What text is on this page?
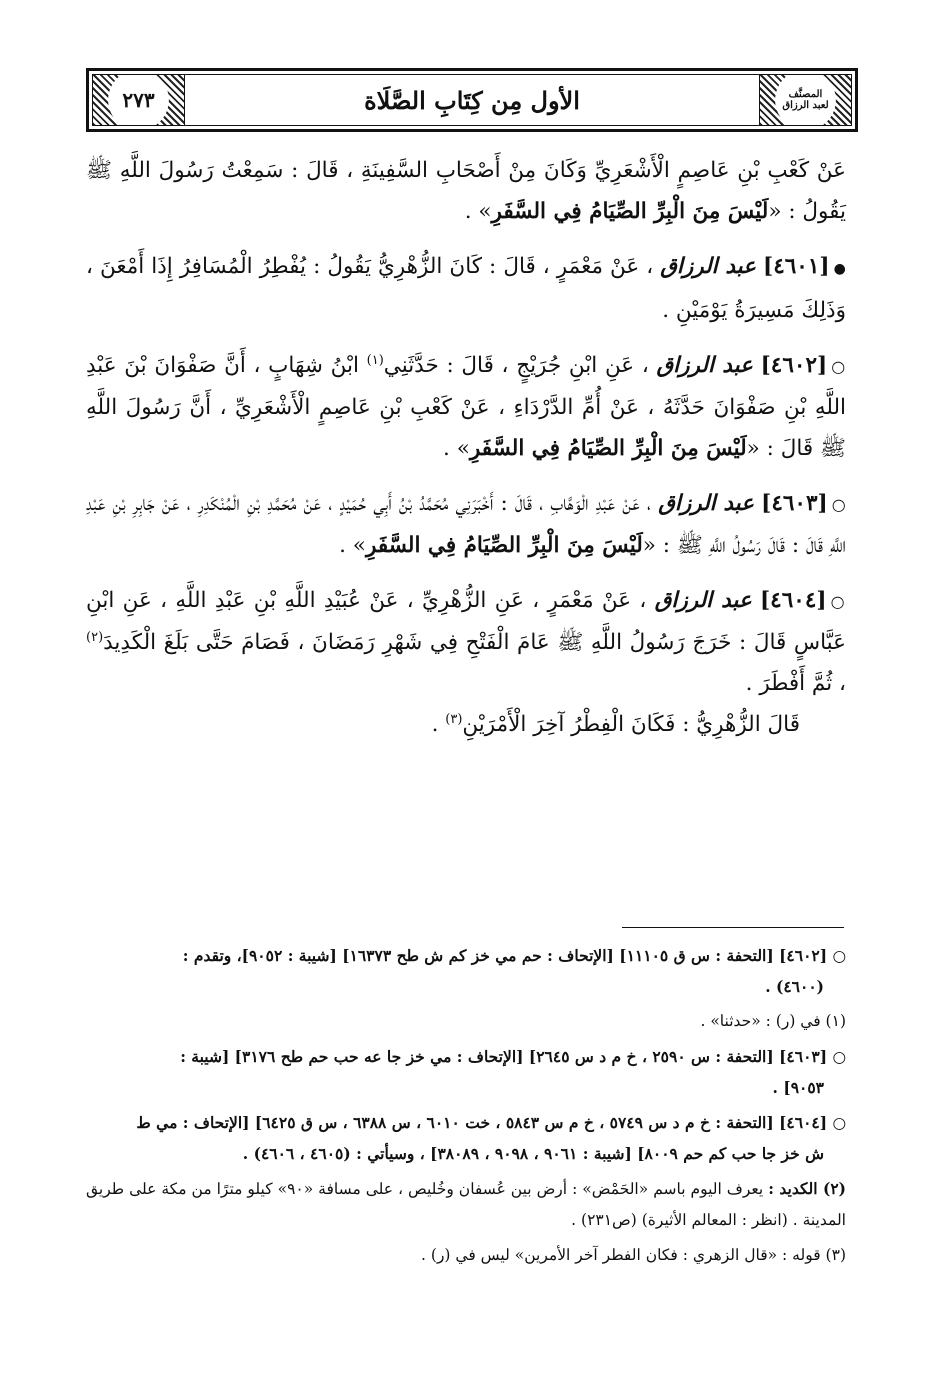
المصنَّف
لعبد الرزاق
الأول مِن كِتَابِ الصَّلَاة
٢٧٣

عَنْ كَعْبِ بْنِ عَاصِمٍ الْأَشْعَرِيِّ وَكَانَ مِنْ أَصْحَابِ السَّفِينَةِ ، قَالَ : سَمِعْتُ رَسُولَ اللَّهِ ﷺ يَقُولُ : «لَيْسَ مِنَ الْبِرِّ الصِّيَامُ فِي السَّفَرِ» .

●[٤٦٠١] عبد الرزاق ، عَنْ مَعْمَرٍ ، قَالَ : كَانَ الزُّهْرِيُّ يَقُولُ : يُفْطِرُ الْمُسَافِرُ إِذَا أَمْعَنَ ، وَذَلِكَ مَسِيرَةُ يَوْمَيْنِ .

○[٤٦٠٢] عبد الرزاق ، عَنِ ابْنِ جُرَيْجٍ ، قَالَ : حَدَّثَنِي$^{(١)}$ ابْنُ شِهَابٍ ، أَنَّ صَفْوَانَ بْنَ عَبْدِ اللَّهِ بْنِ صَفْوَانَ حَدَّثَهُ ، عَنْ أُمِّ الدَّرْدَاءِ ، عَنْ كَعْبِ بْنِ عَاصِمٍ الْأَشْعَرِيِّ ، أَنَّ رَسُولَ اللَّهِ ﷺ قَالَ : «لَيْسَ مِنَ الْبِرِّ الصِّيَامُ فِي السَّفَرِ» .

○[٤٦٠٣] عبد الرزاق ، عَنْ عَبْدِ الْوَهَّابِ ، قَالَ : أَخْبَرَنِي مُحَمَّدُ بْنُ أَبِي حُمَيْدٍ ، عَنْ مُحَمَّدِ بْنِ الْمُنْكَدِرِ ، عَنْ جَابِرِ بْنِ عَبْدِ اللَّهِ قَالَ : قَالَ رَسُولُ اللَّهِ ﷺ : «لَيْسَ مِنَ الْبِرِّ الصِّيَامُ فِي السَّفَرِ» .

○[٤٦٠٤] عبد الرزاق ، عَنْ مَعْمَرٍ ، عَنِ الزُّهْرِيِّ ، عَنْ عُبَيْدِ اللَّهِ بْنِ عَبْدِ اللَّهِ ، عَنِ ابْنِ عَبَّاسٍ قَالَ : خَرَجَ رَسُولُ اللَّهِ ﷺ عَامَ الْفَتْحِ فِي شَهْرِ رَمَضَانَ ، فَصَامَ حَتَّى بَلَغَ الْكَدِيدَ$^{(٢)}$ ، ثُمَّ أَفْطَرَ .

قَالَ الزُّهْرِيُّ : فَكَانَ الْفِطْرُ آخِرَ الْأَمْرَيْنِ$^{(٣)}$ .

○ [٤٦٠٢] [التحفة : س ق ١١١٠٥] [الإتحاف : حم مي خز كم ش طح ١٦٣٧٣] [شيبة : ٩٠٥٢]، وتقدم :
(٤٦٠٠) .
(١) في (ر) : «حدثنا» .
○ [٤٦٠٣] [التحفة : س ٢٥٩٠ ، خ م د س ٢٦٤٥] [الإتحاف : مي خز جا عه حب حم طح ٣١٧٦] [شيبة :
٩٠٥٣] .
○ [٤٦٠٤] [التحفة : خ م د س ٥٧٤٩ ، خ م س ٥٨٤٣ ، خت ٦٠١٠ ، س ٦٣٨٨ ، س ق ٦٤٢٥] [الإتحاف : مي ط
ش خز جا حب كم حم ٨٠٠٩] [شيبة : ٩٠٦١ ، ٩٠٩٨ ، ٣٨٠٨٩] ، وسيأتي : (٤٦٠٥ ، ٤٦٠٦) .
(٢) الكديد : يعرف اليوم باسم «الحَمْض» : أرض بين عُسفان وخُليص ، على مسافة «٩٠» كيلو مترًا من مكة على طريق المدينة . (انظر : المعالم الأثيرة) (ص٢٣١) .
(٣) قوله : «قال الزهري : فكان الفطر آخر الأمرين» ليس في (ر) .
